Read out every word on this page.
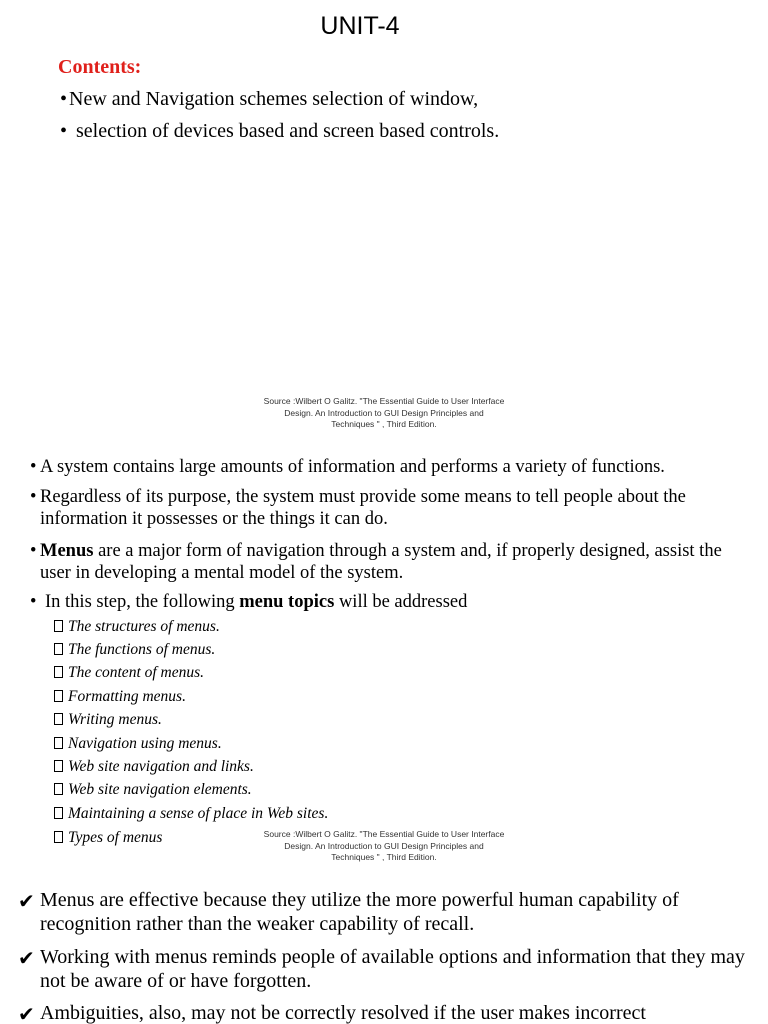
UNIT-4
Contents:
• New and Navigation schemes selection of window,
• selection of devices based and screen based controls.
Source :Wilbert O Galitz. "The Essential Guide to User Interface
Design. An Introduction to GUI Design Principles and
Techniques " , Third Edition.
• A system contains large amounts of information and performs a variety of functions.
• Regardless of its purpose, the system must provide some means to tell people about the information it possesses or the things it can do.
• Menus are a major form of navigation through a system and, if properly designed, assist the user in developing a mental model of the system.
• In this step, the following menu topics will be addressed
The structures of menus.
The functions of menus.
The content of menus.
Formatting menus.
Writing menus.
Navigation using menus.
Web site navigation and links.
Web site navigation elements.
Maintaining a sense of place in Web sites.
Types of menus	Source :Wilbert O Galitz. "The Essential Guide to User Interface
Design. An Introduction to GUI Design Principles and
Techniques " , Third Edition.
✔ Menus are effective because they utilize the more powerful human capability of recognition rather than the weaker capability of recall.
✔ Working with menus reminds people of available options and information that they may not be aware of or have forgotten.
✔ Ambiguities, also, may not be correctly resolved if the user makes incorrect
